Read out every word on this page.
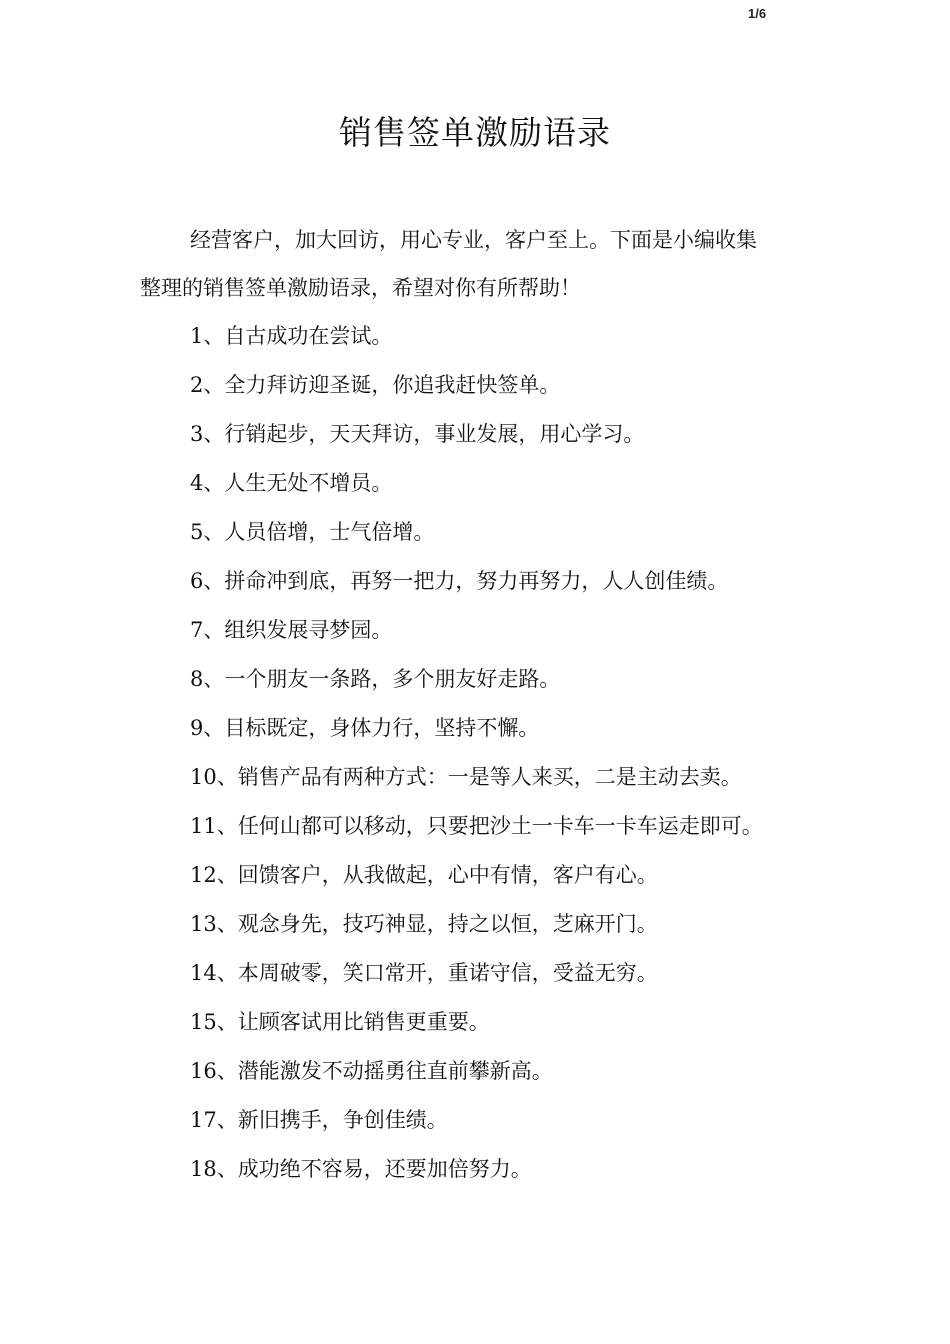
1/6
销售签单激励语录
经营客户，加大回访，用心专业，客户至上。下面是小编收集
整理的销售签单激励语录，希望对你有所帮助！
1、自古成功在尝试。
2、全力拜访迎圣诞，你追我赶快签单。
3、行销起步，天天拜访，事业发展，用心学习。
4、人生无处不增员。
5、人员倍增，士气倍增。
6、拼命冲到底，再努一把力，努力再努力，人人创佳绩。
7、组织发展寻梦园。
8、一个朋友一条路，多个朋友好走路。
9、目标既定，身体力行，坚持不懈。
10、销售产品有两种方式：一是等人来买，二是主动去卖。
11、任何山都可以移动，只要把沙土一卡车一卡车运走即可。
12、回馈客户，从我做起，心中有情，客户有心。
13、观念身先，技巧神显，持之以恒，芝麻开门。
14、本周破零，笑口常开，重诺守信，受益无穷。
15、让顾客试用比销售更重要。
16、潜能激发不动摇勇往直前攀新高。
17、新旧携手，争创佳绩。
18、成功绝不容易，还要加倍努力。
